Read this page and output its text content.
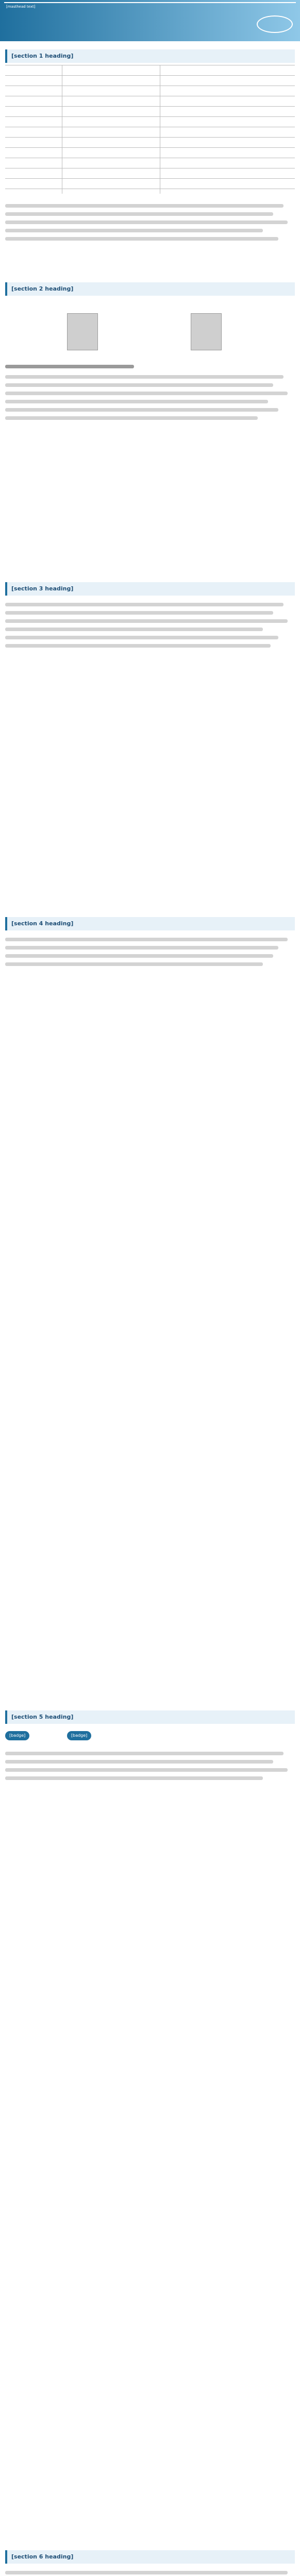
[masthead text]
[section 1 heading]
[section 2 heading]
[section 3 heading]
[section 4 heading]
[section 5 heading]
[badge]	[badge]
[section 6 heading]
